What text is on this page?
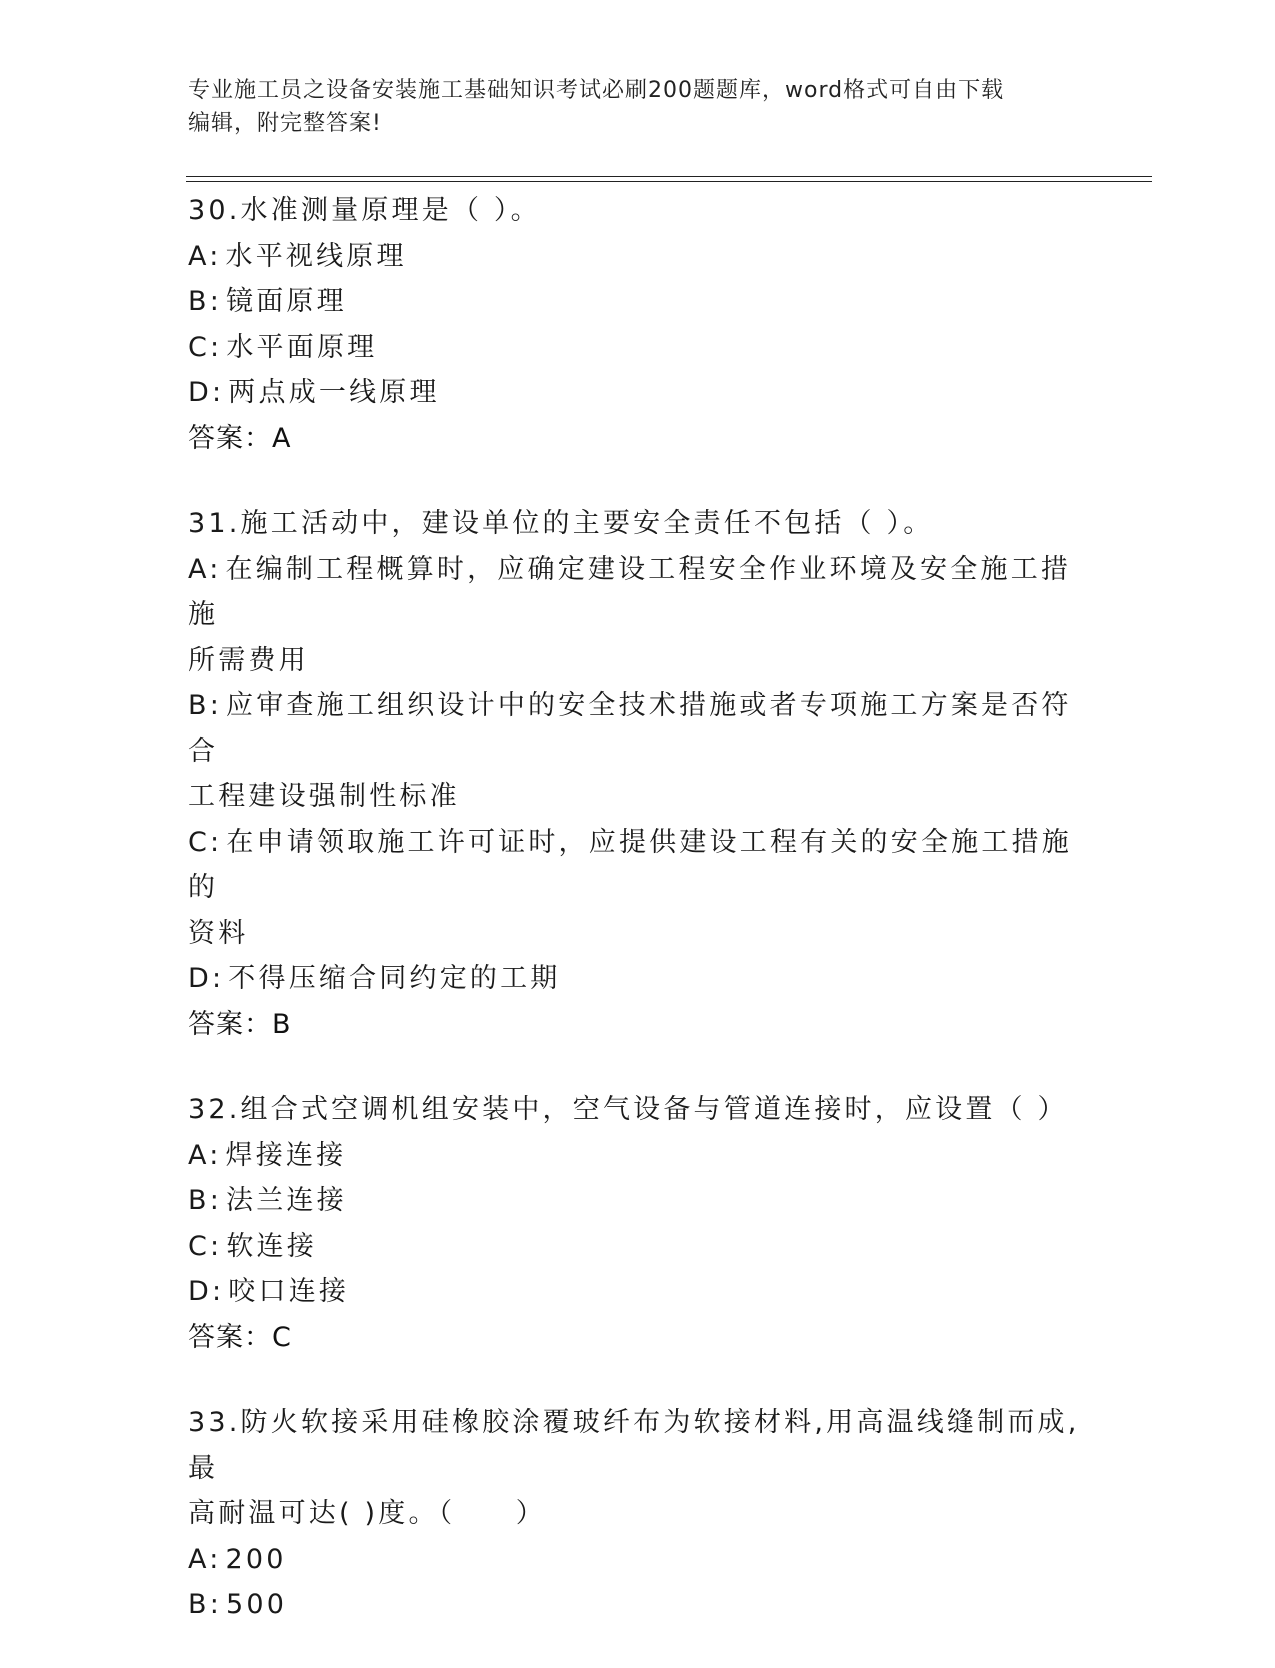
专业施工员之设备安装施工基础知识考试必刷200题题库，word格式可自由下载
编辑，附完整答案!
30.水准测量原理是（ ）。
A: 水平视线原理
B: 镜面原理
C: 水平面原理
D: 两点成一线原理
答案：A
31.施工活动中，建设单位的主要安全责任不包括（ ）。
A: 在编制工程概算时，应确定建设工程安全作业环境及安全施工措施
所需费用
B: 应审查施工组织设计中的安全技术措施或者专项施工方案是否符合
工程建设强制性标准
C: 在申请领取施工许可证时，应提供建设工程有关的安全施工措施的
资料
D: 不得压缩合同约定的工期
答案：B
32.组合式空调机组安装中，空气设备与管道连接时，应设置（ ）
A: 焊接连接
B: 法兰连接
C: 软连接
D: 咬口连接
答案：C
33.防火软接采用硅橡胶涂覆玻纤布为软接材料,用高温线缝制而成,最
高耐温可达( )度。（　　）
A: 200
B: 500
